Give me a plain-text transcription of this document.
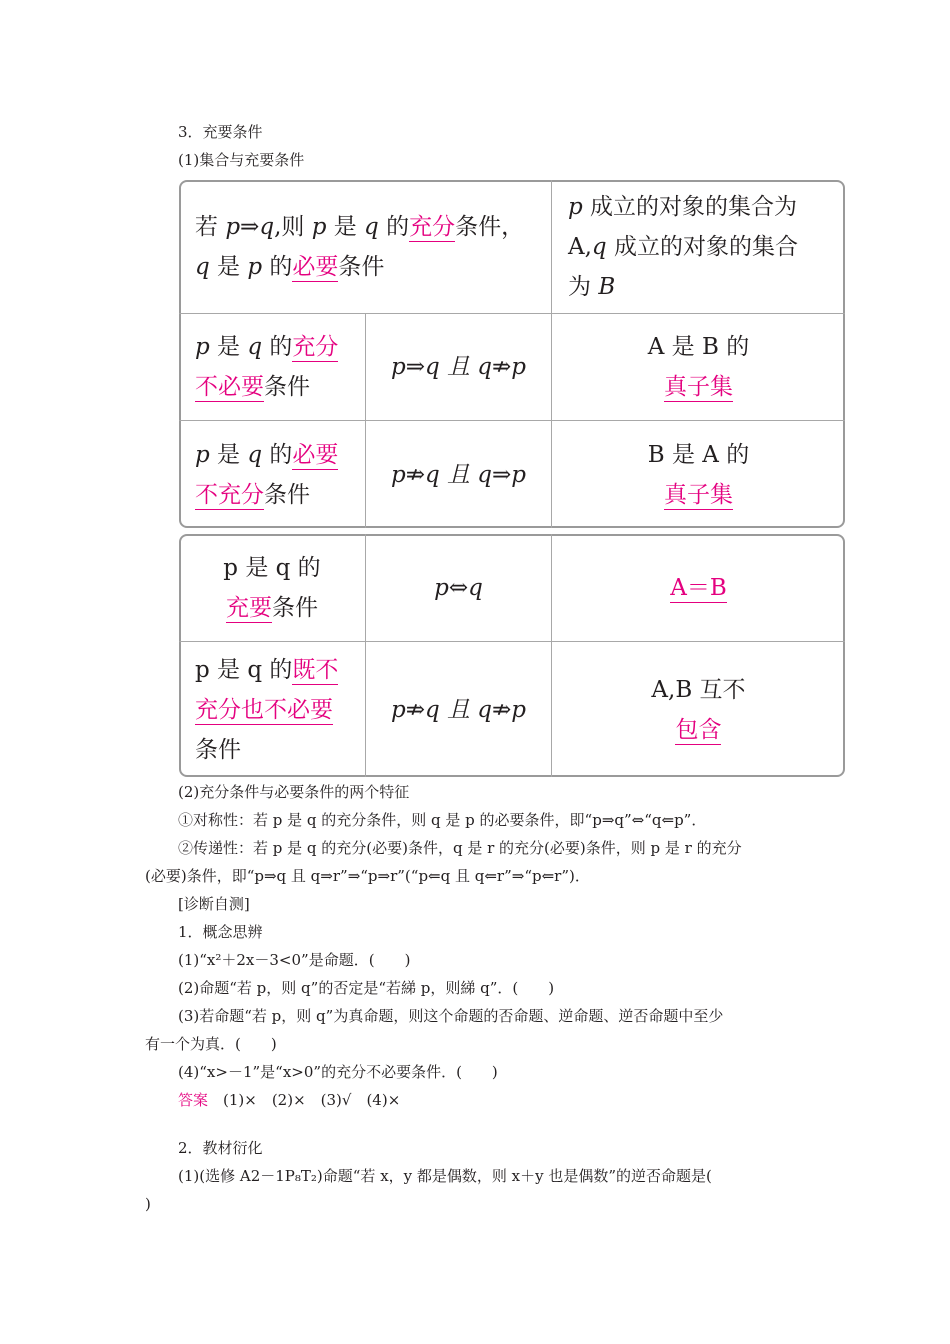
3．充要条件
(1)集合与充要条件
若 p⇒q,则 p 是 q 的充分条件，
q 是 p 的必要条件
p 成立的对象的集合为
A,q 成立的对象的集合
为 B
p 是 q 的充分
不必要条件
p⇒q 且 q⇏p
A 是 B 的
真子集
p 是 q 的必要
不充分条件
p⇏q 且 q⇒p
B 是 A 的
真子集
p 是 q 的
充要条件
p⇔q	A＝B
p 是 q 的既不
充分也不必要
条件
p⇏q 且 q⇏p
A,B 互不
包含
(2)充分条件与必要条件的两个特征
①对称性：若 p 是 q 的充分条件，则 q 是 p 的必要条件，即“p⇒q”⇔“q⇐p”．
②传递性：若 p 是 q 的充分(必要)条件，q 是 r 的充分(必要)条件，则 p 是 r 的充分
(必要)条件，即“p⇒q 且 q⇒r”⇒“p⇒r”(“p⇐q 且 q⇐r”⇒“p⇐r”)．
[诊断自测]
1．概念思辨
(1)“x²＋2x－3<0”是命题．(　　)
(2)命题“若 p，则 q”的否定是“若綈 p，则綈 q”．(　　)
(3)若命题“若 p，则 q”为真命题，则这个命题的否命题、逆命题、逆否命题中至少
有一个为真．(　　)
(4)“x>－1”是“x>0”的充分不必要条件．(　　)
答案　(1)×　(2)×　(3)√　(4)×
2．教材衍化
(1)(选修 A2－1P₈T₂)命题“若 x，y 都是偶数，则 x＋y 也是偶数”的逆否命题是(
)
